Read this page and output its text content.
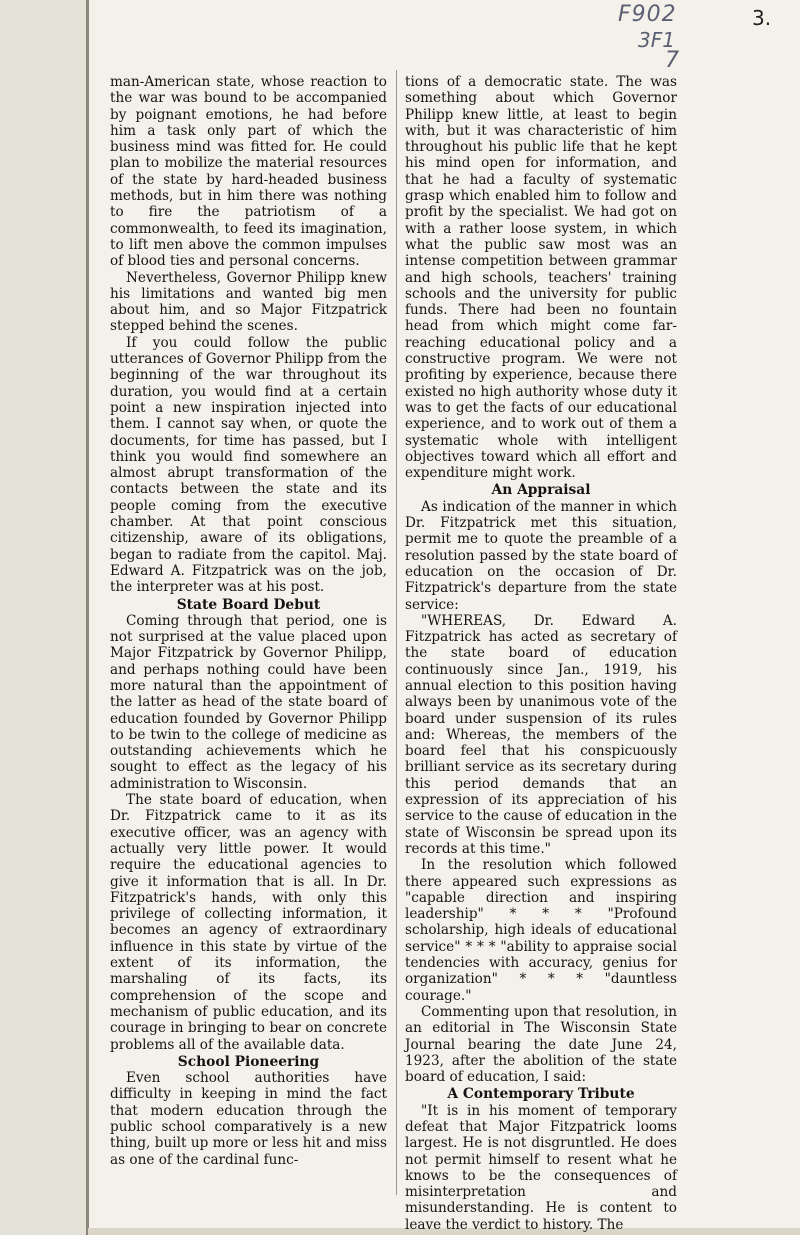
F902
3F1
7
3.

man-American state, whose reaction to the war was bound to be accompanied by poignant emotions, he had before him a task only part of which the business mind was fitted for. He could plan to mobilize the material resources of the state by hard-headed business methods, but in him there was nothing to fire the patriotism of a commonwealth, to feed its imagination, to lift men above the common impulses of blood ties and personal concerns.

Nevertheless, Governor Philipp knew his limitations and wanted big men about him, and so Major Fitzpatrick stepped behind the scenes.

If you could follow the public utterances of Governor Philipp from the beginning of the war throughout its duration, you would find at a certain point a new inspiration injected into them. I cannot say when, or quote the documents, for time has passed, but I think you would find somewhere an almost abrupt transformation of the contacts between the state and its people coming from the executive chamber. At that point conscious citizenship, aware of its obligations, began to radiate from the capitol. Maj. Edward A. Fitzpatrick was on the job, the interpreter was at his post.

State Board Debut

Coming through that period, one is not surprised at the value placed upon Major Fitzpatrick by Governor Philipp, and perhaps nothing could have been more natural than the appointment of the latter as head of the state board of education founded by Governor Philipp to be twin to the college of medicine as outstanding achievements which he sought to effect as the legacy of his administration to Wisconsin.

The state board of education, when Dr. Fitzpatrick came to it as its executive officer, was an agency with actually very little power. It would require the educational agencies to give it information that is all. In Dr. Fitzpatrick's hands, with only this privilege of collecting information, it becomes an agency of extraordinary influence in this state by virtue of the extent of its information, the marshaling of its facts, its comprehension of the scope and mechanism of public education, and its courage in bringing to bear on concrete problems all of the available data.

School Pioneering

Even school authorities have difficulty in keeping in mind the fact that modern education through the public school comparatively is a new thing, built up more or less hit and miss as one of the cardinal func-

tions of a democratic state. The was something about which Governor Philipp knew little, at least to begin with, but it was characteristic of him throughout his public life that he kept his mind open for information, and that he had a faculty of systematic grasp which enabled him to follow and profit by the specialist. We had got on with a rather loose system, in which what the public saw most was an intense competition between grammar and high schools, teachers' training schools and the university for public funds. There had been no fountain head from which might come far-reaching educational policy and a constructive program. We were not profiting by experience, because there existed no high authority whose duty it was to get the facts of our educational experience, and to work out of them a systematic whole with intelligent objectives toward which all effort and expenditure might work.

An Appraisal

As indication of the manner in which Dr. Fitzpatrick met this situation, permit me to quote the preamble of a resolution passed by the state board of education on the occasion of Dr. Fitzpatrick's departure from the state service:

"WHEREAS, Dr. Edward A. Fitzpatrick has acted as secretary of the state board of education continuously since Jan., 1919, his annual election to this position having always been by unanimous vote of the board under suspension of its rules and: Whereas, the members of the board feel that his conspicuously brilliant service as its secretary during this period demands that an expression of its appreciation of his service to the cause of education in the state of Wisconsin be spread upon its records at this time."

In the resolution which followed there appeared such expressions as "capable direction and inspiring leadership" * * * "Profound scholarship, high ideals of educational service" * * * "ability to appraise social tendencies with accuracy, genius for organization" * * * "dauntless courage."

Commenting upon that resolution, in an editorial in The Wisconsin State Journal bearing the date June 24, 1923, after the abolition of the state board of education, I said:

A Contemporary Tribute

"It is in his moment of temporary defeat that Major Fitzpatrick looms largest. He is not disgruntled. He does not permit himself to resent what he knows to be the consequences of misinterpretation and misunderstanding. He is content to leave the verdict to history. The
